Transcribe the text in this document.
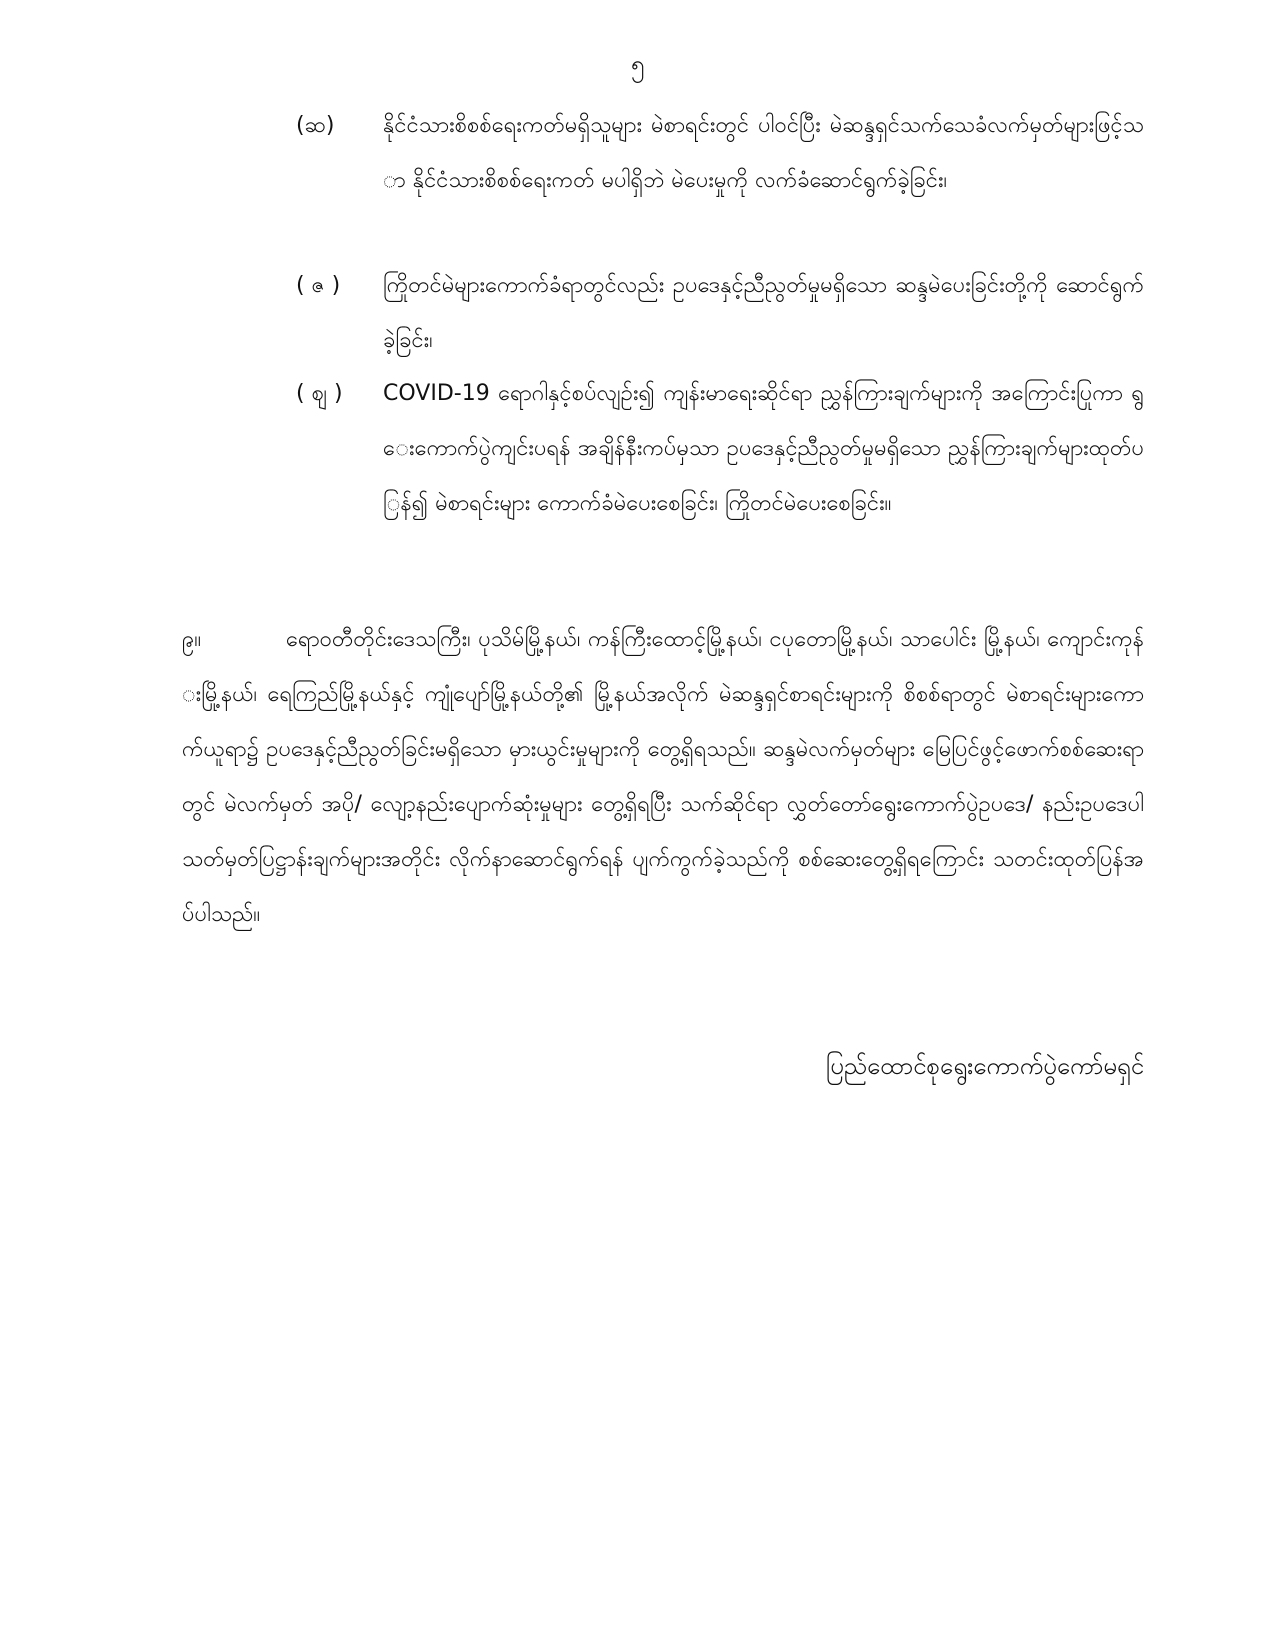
၅
(ဆ)	နိုင်ငံသားစိစစ်ရေးကတ်မရှိသူများ မဲစာရင်းတွင် ပါဝင်ပြီး မဲဆန္ဒရှင်သက်သေခံလက်မှတ်များဖြင့်သာ နိုင်ငံသားစိစစ်ရေးကတ် မပါရှိဘဲ မဲပေးမှုကို လက်ခံဆောင်ရွက်ခဲ့ခြင်း၊
( ဇ )	ကြိုတင်မဲများကောက်ခံရာတွင်လည်း ဥပဒေနှင့်ညီညွတ်မှုမရှိသော ဆန္ဒမဲပေးခြင်းတို့ကို ဆောင်ရွက်ခဲ့ခြင်း၊
( ဈ )	COVID-19 ရောဂါနှင့်စပ်လျဉ်း၍ ကျန်းမာရေးဆိုင်ရာ ညွှန်ကြားချက်များကို အကြောင်းပြုကာ ရွေးကောက်ပွဲကျင်းပရန် အချိန်နီးကပ်မှသာ ဥပဒေနှင့်ညီညွတ်မှုမရှိသော ညွှန်ကြားချက်များထုတ်ပြန်၍ မဲစာရင်းများ ကောက်ခံမဲပေးစေခြင်း၊ ကြိုတင်မဲပေးစေခြင်း။
၉။	ရောဝတီတိုင်းဒေသကြီး၊ ပုသိမ်မြို့နယ်၊ ကန်ကြီးထောင့်မြို့နယ်၊ ငပုတောမြို့နယ်၊ သာပေါင်း မြို့နယ်၊ ကျောင်းကုန်းမြို့နယ်၊ ရေကြည်မြို့နယ်နှင့် ကျုံပျော်မြို့နယ်တို့၏ မြို့နယ်အလိုက် မဲဆန္ဒရှင်စာရင်းများကို စိစစ်ရာတွင် မဲစာရင်းများကောက်ယူရာ၌ ဥပဒေနှင့်ညီညွတ်ခြင်းမရှိသော မှားယွင်းမှုများကို တွေ့ရှိရသည်။ ဆန္ဒမဲလက်မှတ်များ မြေပြင်ဖွင့်ဖောက်စစ်ဆေးရာတွင် မဲလက်မှတ် အပို/ လျော့နည်းပျောက်ဆုံးမှုများ တွေ့ရှိရပြီး သက်ဆိုင်ရာ လွှတ်တော်ရွေးကောက်ပွဲဥပဒေ/ နည်းဥပဒေပါ သတ်မှတ်ပြဋ္ဌာန်းချက်များအတိုင်း လိုက်နာဆောင်ရွက်ရန် ပျက်ကွက်ခဲ့သည်ကို စစ်ဆေးတွေ့ရှိရကြောင်း သတင်းထုတ်ပြန်အပ်ပါသည်။
ပြည်ထောင်စုရွေးကောက်ပွဲကော်မရှင်
